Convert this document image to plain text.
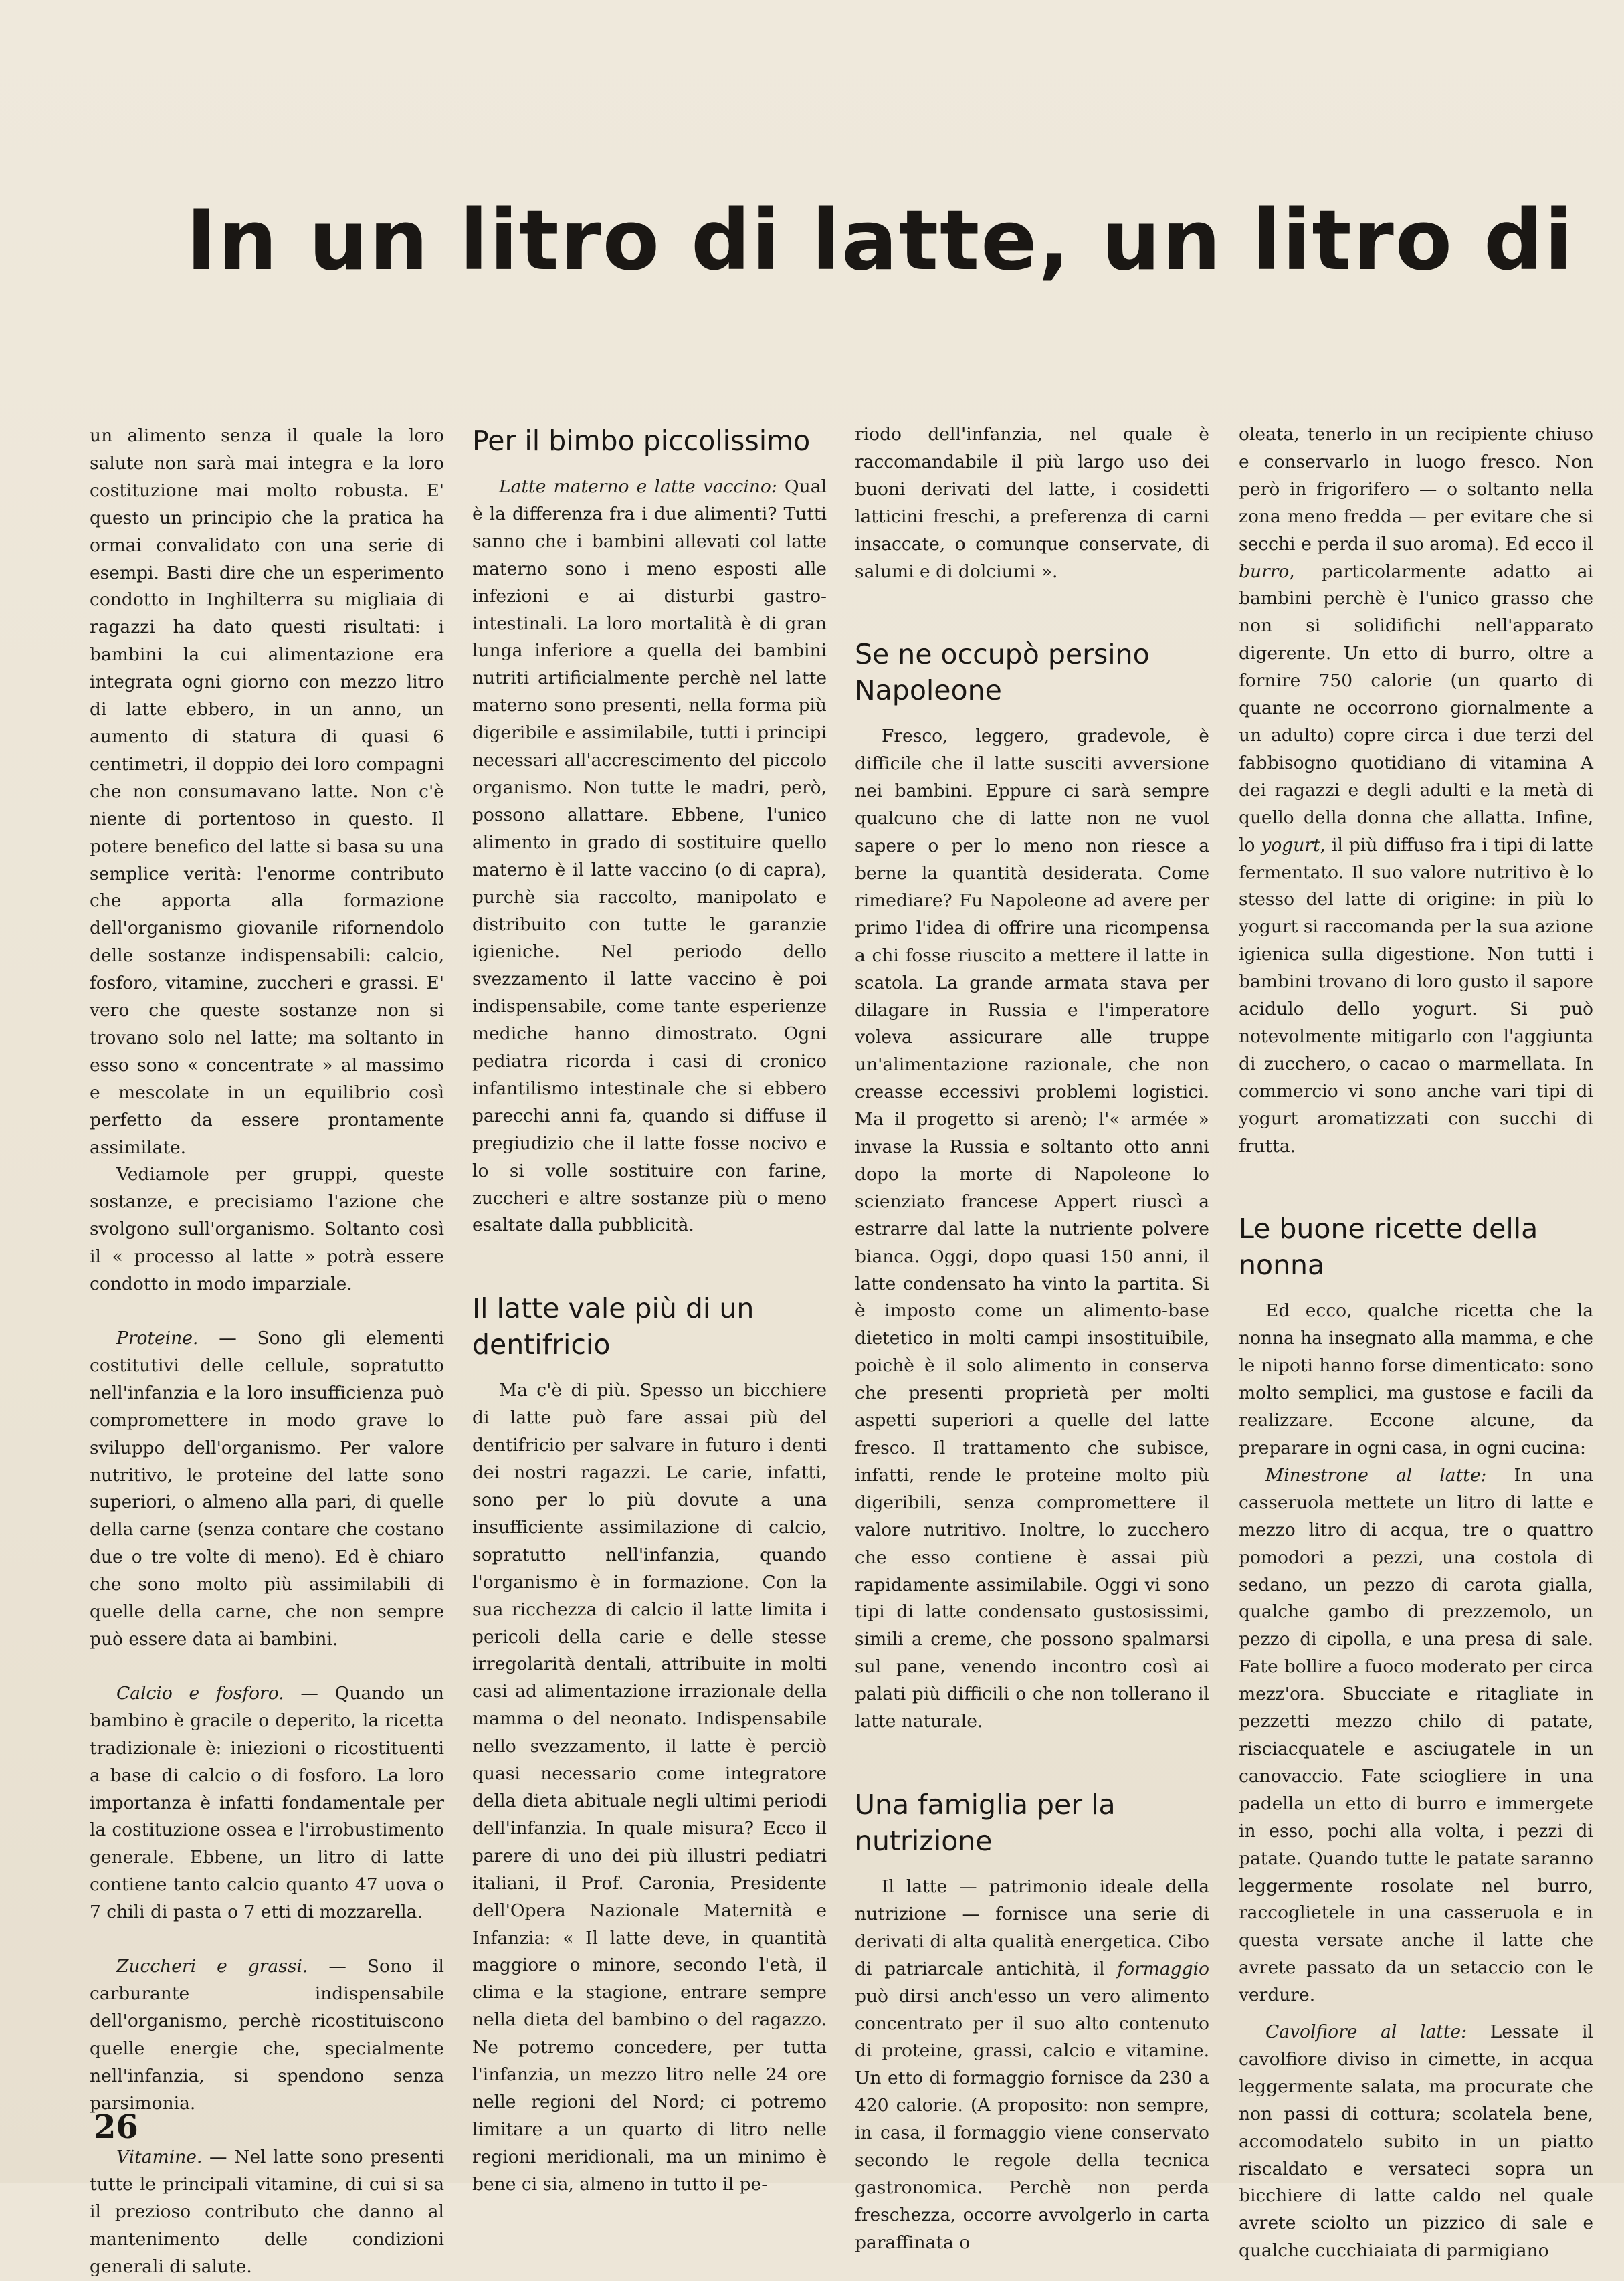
In un litro di latte, un litro di

un alimento senza il quale la loro salute non sarà mai integra e la loro costituzione mai molto robusta. E' questo un principio che la pratica ha ormai convalidato con una serie di esempi. Basti dire che un esperimento condotto in Inghilterra su migliaia di ragazzi ha dato questi risultati: i bambini la cui alimentazione era integrata ogni giorno con mezzo litro di latte ebbero, in un anno, un aumento di statura di quasi 6 centimetri, il doppio dei loro compagni che non consumavano latte. Non c'è niente di portentoso in questo. Il potere benefico del latte si basa su una semplice verità: l'enorme contributo che apporta alla formazione dell'organismo giovanile rifornendolo delle sostanze indispensabili: calcio, fosforo, vitamine, zuccheri e grassi. E' vero che queste sostanze non si trovano solo nel latte; ma soltanto in esso sono « concentrate » al massimo e mescolate in un equilibrio così perfetto da essere prontamente assimilate.

Vediamole per gruppi, queste sostanze, e precisiamo l'azione che svolgono sull'organismo. Soltanto così il « processo al latte » potrà essere condotto in modo imparziale.

Proteine. — Sono gli elementi costitutivi delle cellule, sopratutto nell'infanzia e la loro insufficienza può compromettere in modo grave lo sviluppo dell'organismo. Per valore nutritivo, le proteine del latte sono superiori, o almeno alla pari, di quelle della carne (senza contare che costano due o tre volte di meno). Ed è chiaro che sono molto più assimilabili di quelle della carne, che non sempre può essere data ai bambini.

Calcio e fosforo. — Quando un bambino è gracile o deperito, la ricetta tradizionale è: iniezioni o ricostituenti a base di calcio o di fosforo. La loro importanza è infatti fondamentale per la costituzione ossea e l'irrobustimento generale. Ebbene, un litro di latte contiene tanto calcio quanto 47 uova o 7 chili di pasta o 7 etti di mozzarella.

Zuccheri e grassi. — Sono il carburante indispensabile dell'organismo, perchè ricostituiscono quelle energie che, specialmente nell'infanzia, si spendono senza parsimonia.

Vitamine. — Nel latte sono presenti tutte le principali vitamine, di cui si sa il prezioso contributo che danno al mantenimento delle condizioni generali di salute.

Per il bimbo piccolissimo

Latte materno e latte vaccino: Qual è la differenza fra i due alimenti? Tutti sanno che i bambini allevati col latte materno sono i meno esposti alle infezioni e ai disturbi gastro-intestinali. La loro mortalità è di gran lunga inferiore a quella dei bambini nutriti artificialmente perchè nel latte materno sono presenti, nella forma più digeribile e assimilabile, tutti i principi necessari all'accrescimento del piccolo organismo. Non tutte le madri, però, possono allattare. Ebbene, l'unico alimento in grado di sostituire quello materno è il latte vaccino (o di capra), purchè sia raccolto, manipolato e distribuito con tutte le garanzie igieniche. Nel periodo dello svezzamento il latte vaccino è poi indispensabile, come tante esperienze mediche hanno dimostrato. Ogni pediatra ricorda i casi di cronico infantilismo intestinale che si ebbero parecchi anni fa, quando si diffuse il pregiudizio che il latte fosse nocivo e lo si volle sostituire con farine, zuccheri e altre sostanze più o meno esaltate dalla pubblicità.

Il latte vale più di un dentifricio

Ma c'è di più. Spesso un bicchiere di latte può fare assai più del dentifricio per salvare in futuro i denti dei nostri ragazzi. Le carie, infatti, sono per lo più dovute a una insufficiente assimilazione di calcio, sopratutto nell'infanzia, quando l'organismo è in formazione. Con la sua ricchezza di calcio il latte limita i pericoli della carie e delle stesse irregolarità dentali, attribuite in molti casi ad alimentazione irrazionale della mamma o del neonato. Indispensabile nello svezzamento, il latte è perciò quasi necessario come integratore della dieta abituale negli ultimi periodi dell'infanzia. In quale misura? Ecco il parere di uno dei più illustri pediatri italiani, il Prof. Caronia, Presidente dell'Opera Nazionale Maternità e Infanzia: « Il latte deve, in quantità maggiore o minore, secondo l'età, il clima e la stagione, entrare sempre nella dieta del bambino o del ragazzo. Ne potremo concedere, per tutta l'infanzia, un mezzo litro nelle 24 ore nelle regioni del Nord; ci potremo limitare a un quarto di litro nelle regioni meridionali, ma un minimo è bene ci sia, almeno in tutto il pe-

riodo dell'infanzia, nel quale è raccomandabile il più largo uso dei buoni derivati del latte, i cosidetti latticini freschi, a preferenza di carni insaccate, o comunque conservate, di salumi e di dolciumi ».

Se ne occupò persino Napoleone

Fresco, leggero, gradevole, è difficile che il latte susciti avversione nei bambini. Eppure ci sarà sempre qualcuno che di latte non ne vuol sapere o per lo meno non riesce a berne la quantità desiderata. Come rimediare? Fu Napoleone ad avere per primo l'idea di offrire una ricompensa a chi fosse riuscito a mettere il latte in scatola. La grande armata stava per dilagare in Russia e l'imperatore voleva assicurare alle truppe un'alimentazione razionale, che non creasse eccessivi problemi logistici. Ma il progetto si arenò; l'« armée » invase la Russia e soltanto otto anni dopo la morte di Napoleone lo scienziato francese Appert riuscì a estrarre dal latte la nutriente polvere bianca. Oggi, dopo quasi 150 anni, il latte condensato ha vinto la partita. Si è imposto come un alimento-base dietetico in molti campi insostituibile, poichè è il solo alimento in conserva che presenti proprietà per molti aspetti superiori a quelle del latte fresco. Il trattamento che subisce, infatti, rende le proteine molto più digeribili, senza compromettere il valore nutritivo. Inoltre, lo zucchero che esso contiene è assai più rapidamente assimilabile. Oggi vi sono tipi di latte condensato gustosissimi, simili a creme, che possono spalmarsi sul pane, venendo incontro così ai palati più difficili o che non tollerano il latte naturale.

Una famiglia per la nutrizione

Il latte — patrimonio ideale della nutrizione — fornisce una serie di derivati di alta qualità energetica. Cibo di patriarcale antichità, il formaggio può dirsi anch'esso un vero alimento concentrato per il suo alto contenuto di proteine, grassi, calcio e vitamine. Un etto di formaggio fornisce da 230 a 420 calorie. (A proposito: non sempre, in casa, il formaggio viene conservato secondo le regole della tecnica gastronomica. Perchè non perda freschezza, occorre avvolgerlo in carta paraffinata o

oleata, tenerlo in un recipiente chiuso e conservarlo in luogo fresco. Non però in frigorifero — o soltanto nella zona meno fredda — per evitare che si secchi e perda il suo aroma). Ed ecco il burro, particolarmente adatto ai bambini perchè è l'unico grasso che non si solidifichi nell'apparato digerente. Un etto di burro, oltre a fornire 750 calorie (un quarto di quante ne occorrono giornalmente a un adulto) copre circa i due terzi del fabbisogno quotidiano di vitamina A dei ragazzi e degli adulti e la metà di quello della donna che allatta. Infine, lo yogurt, il più diffuso fra i tipi di latte fermentato. Il suo valore nutritivo è lo stesso del latte di origine: in più lo yogurt si raccomanda per la sua azione igienica sulla digestione. Non tutti i bambini trovano di loro gusto il sapore acidulo dello yogurt. Si può notevolmente mitigarlo con l'aggiunta di zucchero, o cacao o marmellata. In commercio vi sono anche vari tipi di yogurt aromatizzati con succhi di frutta.

Le buone ricette della nonna

Ed ecco, qualche ricetta che la nonna ha insegnato alla mamma, e che le nipoti hanno forse dimenticato: sono molto semplici, ma gustose e facili da realizzare. Eccone alcune, da preparare in ogni casa, in ogni cucina:

Minestrone al latte: In una casseruola mettete un litro di latte e mezzo litro di acqua, tre o quattro pomodori a pezzi, una costola di sedano, un pezzo di carota gialla, qualche gambo di prezzemolo, un pezzo di cipolla, e una presa di sale. Fate bollire a fuoco moderato per circa mezz'ora. Sbucciate e ritagliate in pezzetti mezzo chilo di patate, risciacquatele e asciugatele in un canovaccio. Fate sciogliere in una padella un etto di burro e immergete in esso, pochi alla volta, i pezzi di patate. Quando tutte le patate saranno leggermente rosolate nel burro, raccoglietele in una casseruola e in questa versate anche il latte che avrete passato da un setaccio con le verdure.

Cavolfiore al latte: Lessate il cavolfiore diviso in cimette, in acqua leggermente salata, ma procurate che non passi di cottura; scolatela bene, accomodatelo subito in un piatto riscaldato e versateci sopra un bicchiere di latte caldo nel quale avrete sciolto un pizzico di sale e qualche cucchiaiata di parmigiano

26
